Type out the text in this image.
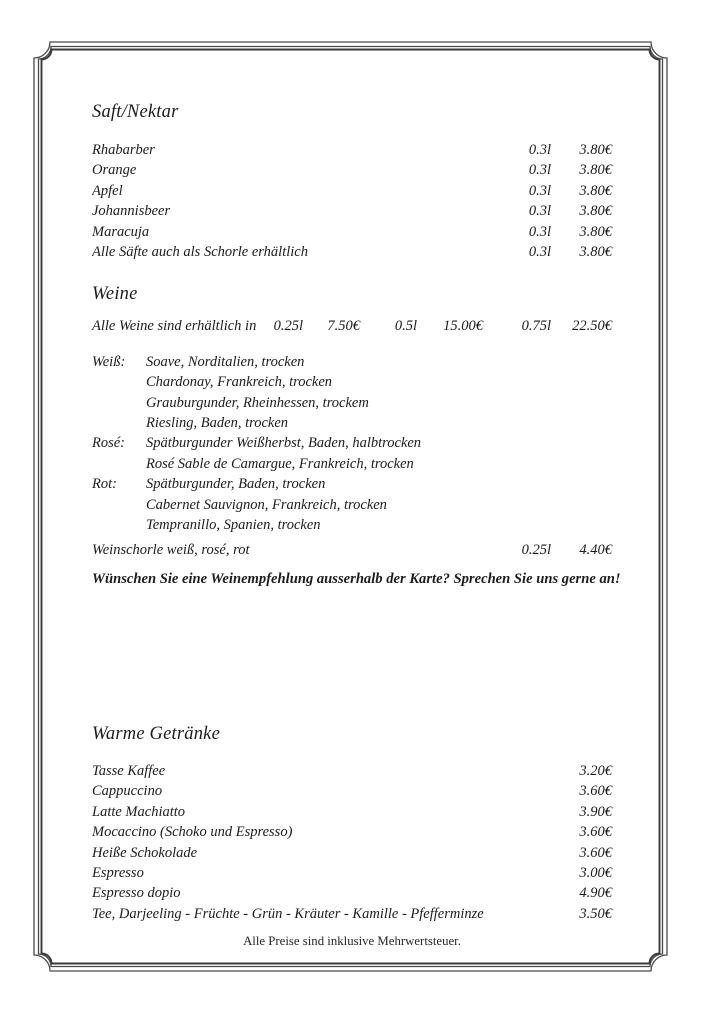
Saft/Nektar
Rhabarber	0.3l	3.80€
Orange	0.3l	3.80€
Apfel	0.3l	3.80€
Johannisbeer	0.3l	3.80€
Maracuja	0.3l	3.80€
Alle Säfte auch als Schorle erhältlich	0.3l	3.80€
Weine
Alle Weine sind erhältlich in 0.25l 7.50€ 0.5l 15.00€	0.75l 22.50€
Weiß:	Soave, Norditalien, trocken
Chardonay, Frankreich, trocken
Grauburgunder, Rheinhessen, trockem
Riesling, Baden, trocken
Rosé:	Spätburgunder Weißherbst, Baden, halbtrocken
Rosé Sable de Camargue, Frankreich, trocken
Rot:	Spätburgunder, Baden, trocken
Cabernet Sauvignon, Frankreich, trocken
Tempranillo, Spanien, trocken
Weinschorle weiß, rosé, rot	0.25l	4.40€

Wünschen Sie eine Weinempfehlung ausserhalb der Karte? Sprechen Sie uns gerne an!

Warme Getränke
Tasse Kaffee	3.20€
Cappuccino	3.60€
Latte Machiatto	3.90€
Mocaccino (Schoko und Espresso)	3.60€
Heiße Schokolade	3.60€
Espresso	3.00€
Espresso dopio	4.90€
Tee, Darjeeling - Früchte - Grün - Kräuter - Kamille - Pfefferminze	3.50€

Alle Preise sind inklusive Mehrwertsteuer.
